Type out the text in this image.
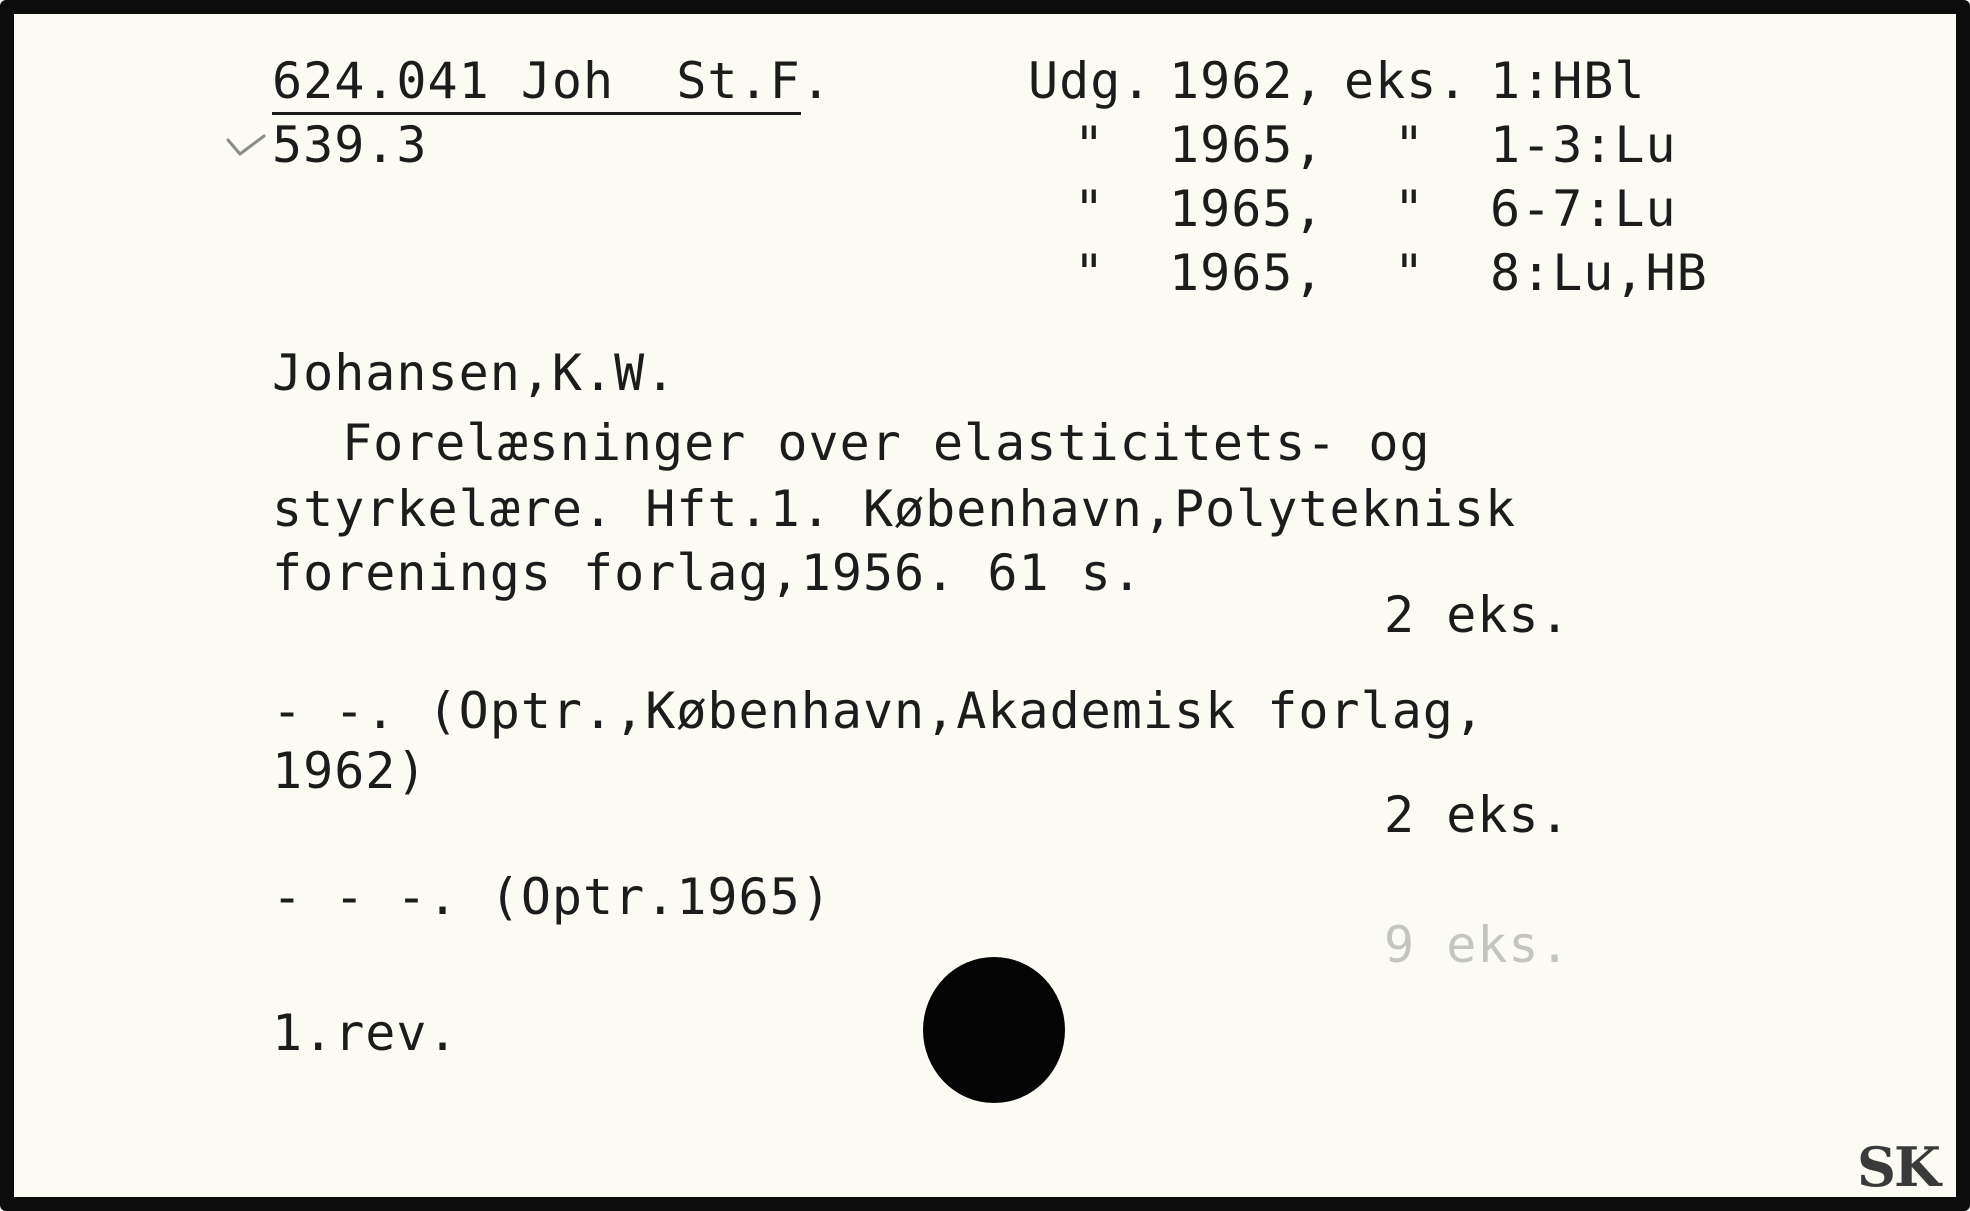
624.041 Joh  St.F.
539.3
Udg. 1962, eks. 1:HBl
" 1965, " 1-3:Lu
" 1965, " 6-7:Lu
" 1965, " 8:Lu,HB
Johansen,K.W.
Forelæsninger over elasticitets- og
styrkelære. Hft.1. København,Polyteknisk
forenings forlag,1956. 61 s.
2 eks.
- -. (Optr.,København,Akademisk forlag,
1962)
2 eks.
- - -. (Optr.1965)
9 eks.
1.rev.
SK
